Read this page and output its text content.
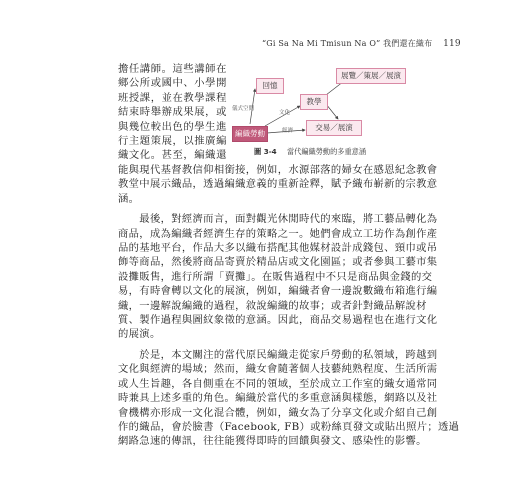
“Gi Sa Na Mi Tmisun Na O” 我們還在織布 119
擔任講師。這些講師在
鄉公所或國中、小學開
班授課，並在教學課程
結束時舉辦成果展，或
與幾位較出色的學生進
行主題策展，以推廣編
織文化。甚至，編織還
回憶
教學
展覽／策展／展演
交易／展演
編織勞動
儀式空間
文化
經濟
圖 3-4 當代編織勞動的多重意涵
能與現代基督教信仰相銜接，例如，水源部落的婦女在感恩紀念教會
教堂中展示織品，透過編織意義的重新詮釋，賦予織布嶄新的宗教意
涵。
　　最後，對經濟而言，面對觀光休閒時代的來臨，將工藝品轉化為
商品，成為編織者經濟生存的策略之一。她們會成立工坊作為創作產
品的基地平台，作品大多以織布搭配其他媒材設計成錢包、頸巾或吊
飾等商品，然後將商品寄賣於精品店或文化園區；或者參與工藝市集
設攤販售，進行所謂「賣攤」。在販售過程中不只是商品與金錢的交
易，有時會轉以文化的展演，例如，編織者會一邊說數織布箱進行編
織，一邊解說編織的過程，敘說編織的故事；或者針對織品解說材
質、製作過程與圖紋象徵的意涵。因此，商品交易過程也在進行文化
的展演。
　　於是，本文關注的當代原民編織走從家戶勞動的私領域，跨越到
文化與經濟的場域；然而，織女會隨著個人技藝純熟程度、生活所需
或人生旨趣，各自側重在不同的領域，至於成立工作室的織女通常同
時兼具上述多重的角色。編織於當代的多重意涵與樣態，網路以及社
會機構亦形成一文化混合體，例如，織女為了分享文化或介紹自己創
作的織品，會於臉書（Facebook, FB）或粉絲頁發文或貼出照片；透過
網路急速的傳訊，往往能獲得即時的回饋與發文、感染性的影響。
